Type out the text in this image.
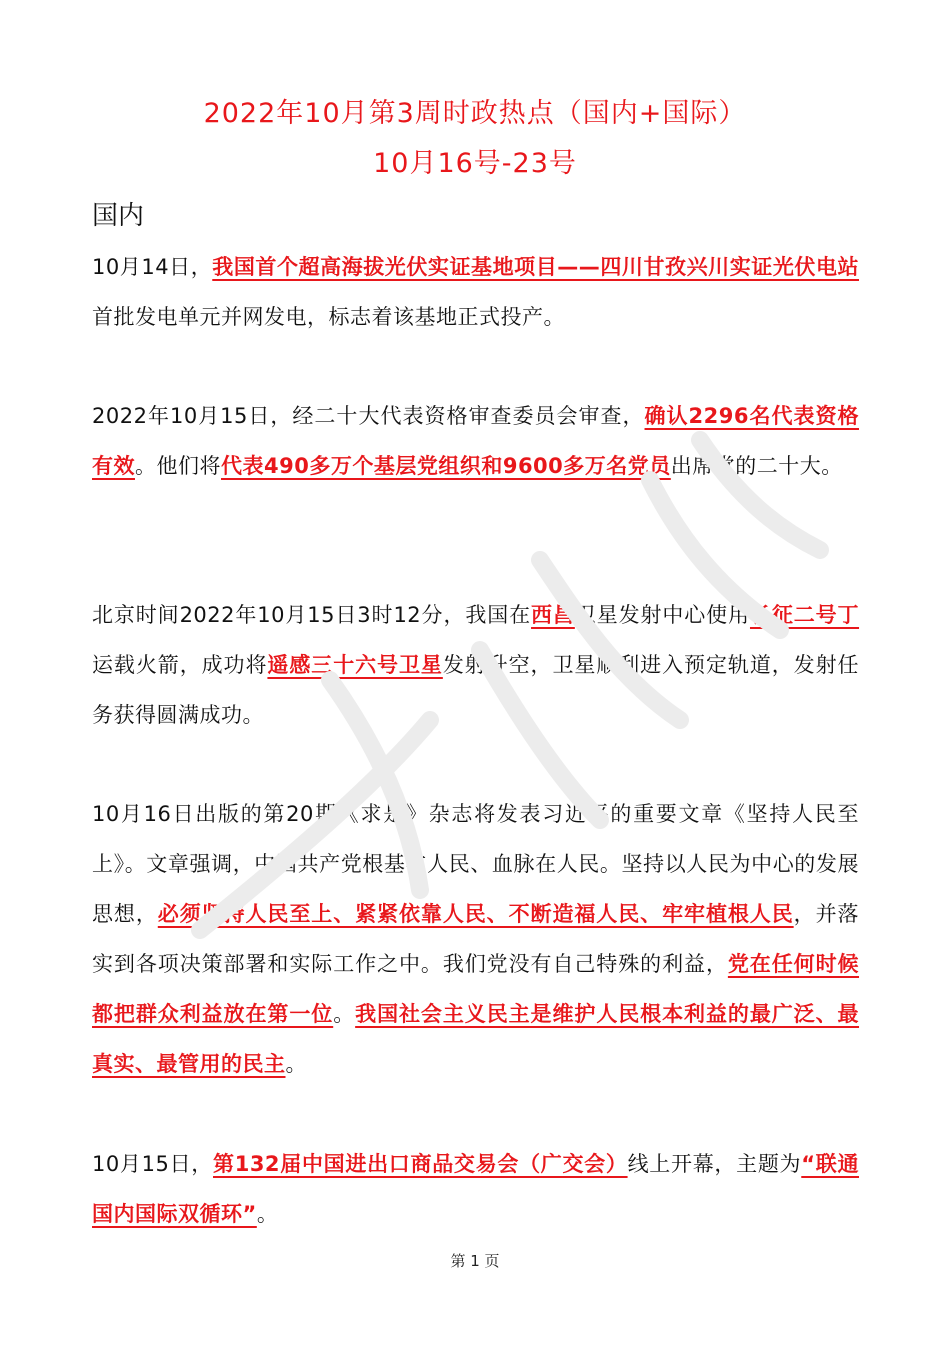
2022年10月第3周时政热点（国内+国际）
10月16号-23号
国内
10月14日，我国首个超高海拔光伏实证基地项目——四川甘孜兴川实证光伏电站首批发电单元并网发电，标志着该基地正式投产。
2022年10月15日，经二十大代表资格审查委员会审查，确认2296名代表资格有效。他们将代表490多万个基层党组织和9600多万名党员出席党的二十大。
北京时间2022年10月15日3时12分，我国在西昌卫星发射中心使用长征二号丁运载火箭，成功将遥感三十六号卫星发射升空，卫星顺利进入预定轨道，发射任务获得圆满成功。
10月16日出版的第20期《求是》杂志将发表习近平的重要文章《坚持人民至上》。文章强调，中国共产党根基在人民、血脉在人民。坚持以人民为中心的发展思想，必须坚持人民至上、紧紧依靠人民、不断造福人民、牢牢植根人民，并落实到各项决策部署和实际工作之中。我们党没有自己特殊的利益，党在任何时候都把群众利益放在第一位。我国社会主义民主是维护人民根本利益的最广泛、最真实、最管用的民主。
10月15日，第132届中国进出口商品交易会（广交会）线上开幕，主题为“联通国内国际双循环”。
第 1 页
